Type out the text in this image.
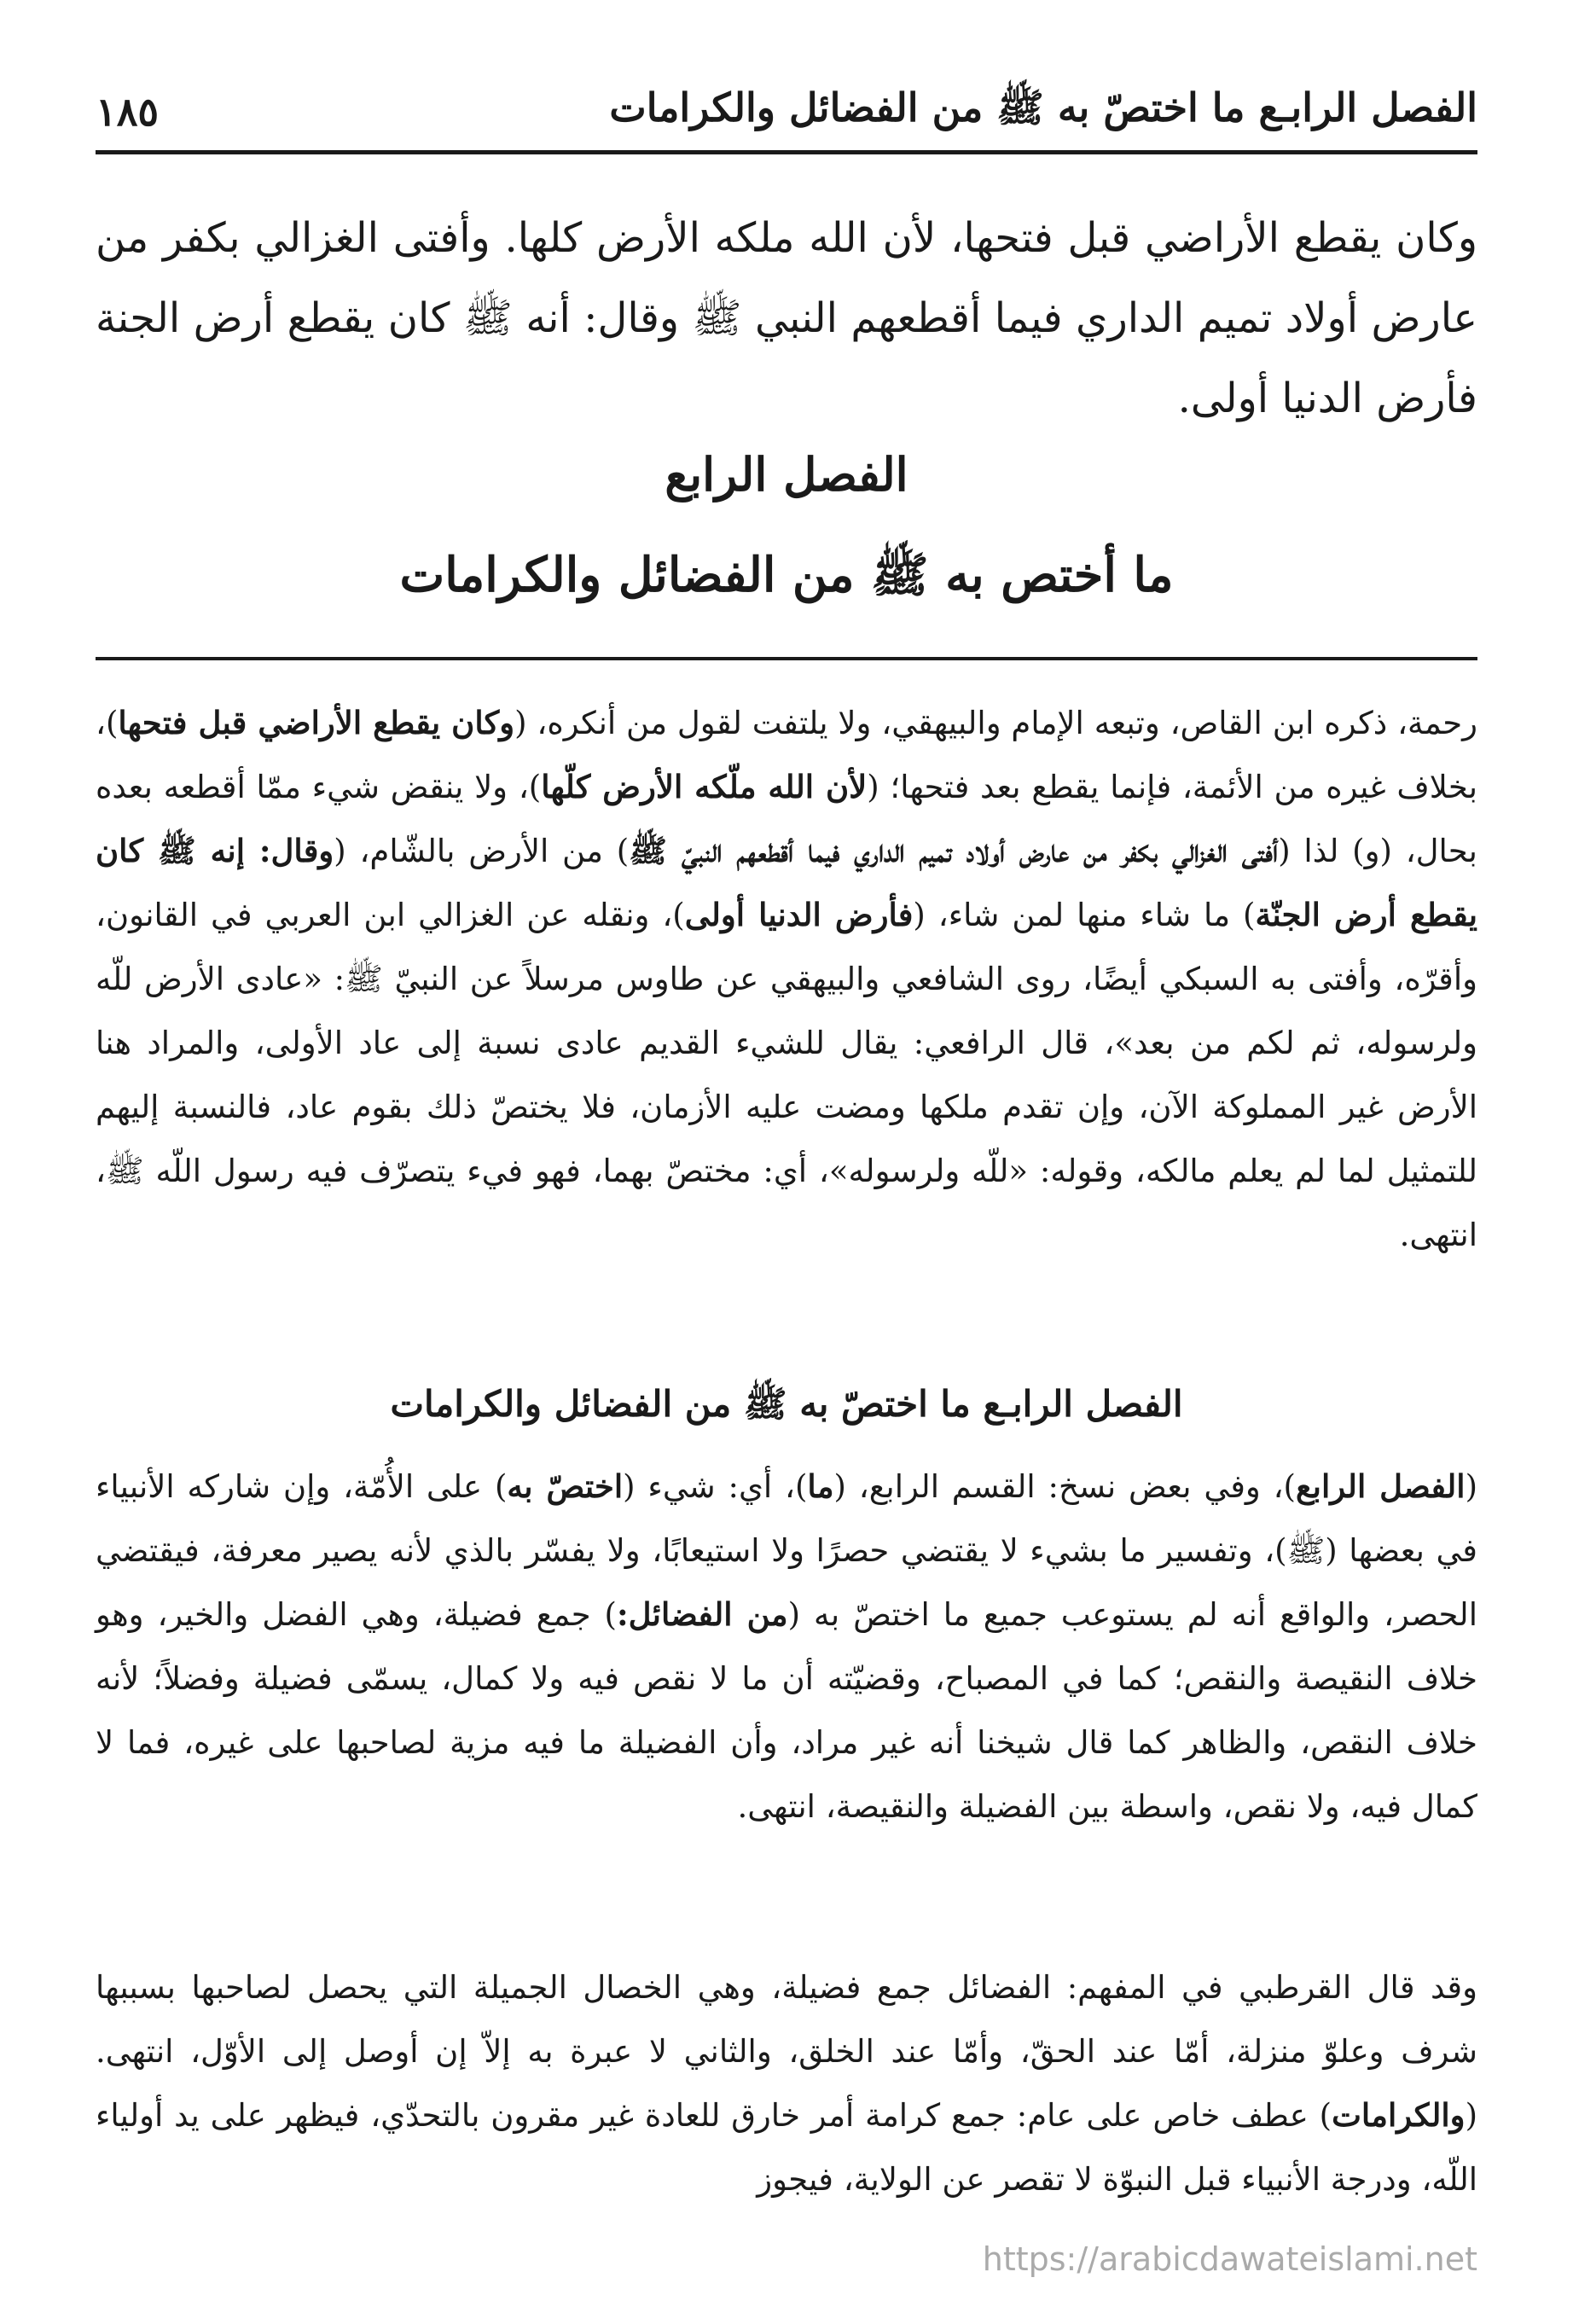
الفصل الرابـع ما اختصّ به ﷺ من الفضائل والكرامات
١٨٥
وكان يقطع الأراضي قبل فتحها، لأن الله ملكه الأرض كلها. وأفتى الغزالي بكفر من عارض أولاد تميم الداري فيما أقطعهم النبي ﷺ وقال: أنه ﷺ كان يقطع أرض الجنة فأرض الدنيا أولى.
الفصل الرابع
ما أختص به ﷺ من الفضائل والكرامات
رحمة، ذكره ابن القاص، وتبعه الإمام والبيهقي، ولا يلتفت لقول من أنكره، (وكان يقطع الأراضي قبل فتحها)، بخلاف غيره من الأئمة، فإنما يقطع بعد فتحها؛ (لأن الله ملّكه الأرض كلّها)، ولا ينقض شيء ممّا أقطعه بعده بحال، (و) لذا (أفتى الغزالي بكفر من عارض أولاد تميم الداري فيما أقطعهم النبيّ ﷺ) من الأرض بالشّام، (وقال: إنه ﷺ كان يقطع أرض الجنّة) ما شاء منها لمن شاء، (فأرض الدنيا أولى)، ونقله عن الغزالي ابن العربي في القانون، وأقرّه، وأفتى به السبكي أيضًا، روى الشافعي والبيهقي عن طاوس مرسلاً عن النبيّ ﷺ: «عادى الأرض للّه ولرسوله، ثم لكم من بعد»، قال الرافعي: يقال للشيء القديم عادى نسبة إلى عاد الأولى، والمراد هنا الأرض غير المملوكة الآن، وإن تقدم ملكها ومضت عليه الأزمان، فلا يختصّ ذلك بقوم عاد، فالنسبة إليهم للتمثيل لما لم يعلم مالكه، وقوله: «للّه ولرسوله»، أي: مختصّ بهما، فهو فيء يتصرّف فيه رسول اللّه ﷺ، انتهى.
الفصل الرابـع ما اختصّ به ﷺ من الفضائل والكرامات
(الفصل الرابع)، وفي بعض نسخ: القسم الرابع، (ما)، أي: شيء (اختصّ به) على الأُمّة، وإن شاركه الأنبياء في بعضها (ﷺ)، وتفسير ما بشيء لا يقتضي حصرًا ولا استيعابًا، ولا يفسّر بالذي لأنه يصير معرفة، فيقتضي الحصر، والواقع أنه لم يستوعب جميع ما اختصّ به (من الفضائل:) جمع فضيلة، وهي الفضل والخير، وهو خلاف النقيصة والنقص؛ كما في المصباح، وقضيّته أن ما لا نقص فيه ولا كمال، يسمّى فضيلة وفضلاً؛ لأنه خلاف النقص، والظاهر كما قال شيخنا أنه غير مراد، وأن الفضيلة ما فيه مزية لصاحبها على غيره، فما لا كمال فيه، ولا نقص، واسطة بين الفضيلة والنقيصة، انتهى.
وقد قال القرطبي في المفهم: الفضائل جمع فضيلة، وهي الخصال الجميلة التي يحصل لصاحبها بسببها شرف وعلوّ منزلة، أمّا عند الحقّ، وأمّا عند الخلق، والثاني لا عبرة به إلاّ إن أوصل إلى الأوّل، انتهى. (والكرامات) عطف خاص على عام: جمع كرامة أمر خارق للعادة غير مقرون بالتحدّي، فيظهر على يد أولياء اللّه، ودرجة الأنبياء قبل النبوّة لا تقصر عن الولاية، فيجوز
https://arabicdawateislami.net
